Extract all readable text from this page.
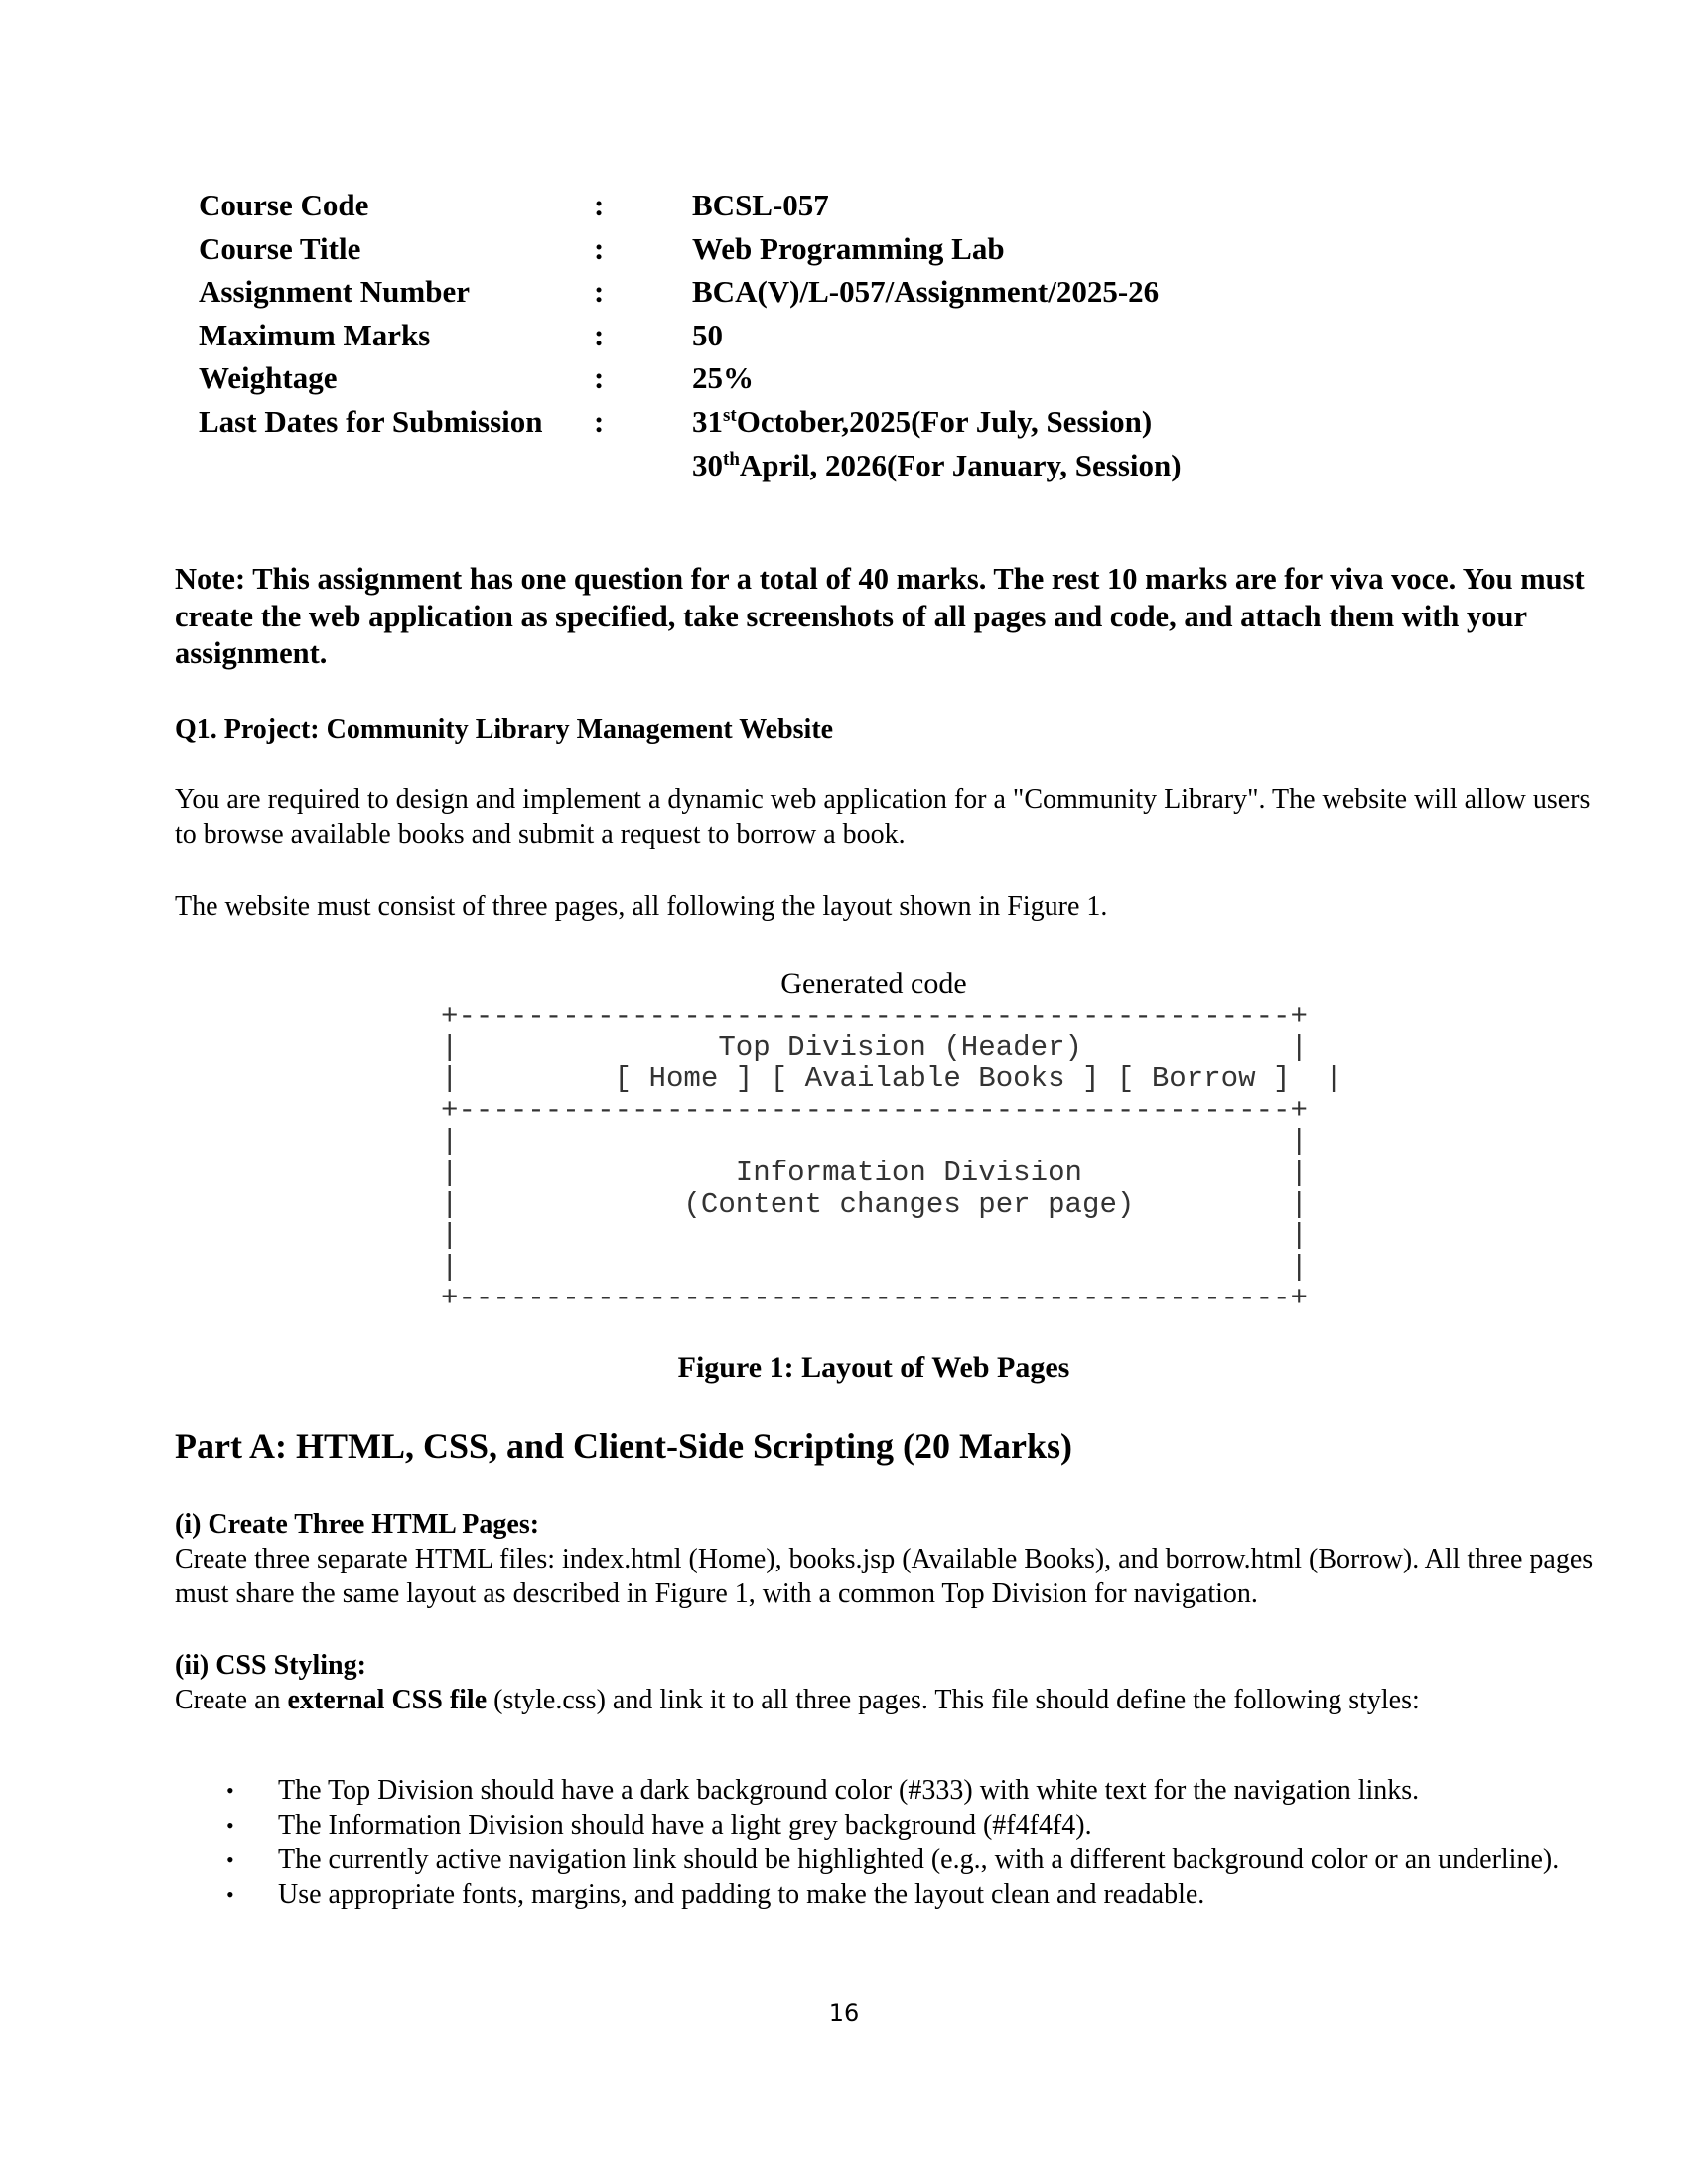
Course Code	:	BCSL-057
Course Title	:	Web Programming Lab
Assignment Number	:	BCA(V)/L-057/Assignment/2025-26
Maximum Marks	:	50
Weightage	:	25%
Last Dates for Submission :	31stOctober,2025(For July, Session)
30thApril, 2026(For January, Session)
Note: This assignment has one question for a total of 40 marks. The rest 10 marks are for viva voce. You must create the web application as specified, take screenshots of all pages and code, and attach them with your assignment.
Q1. Project: Community Library Management Website
You are required to design and implement a dynamic web application for a "Community Library". The website will allow users to browse available books and submit a request to borrow a book.
The website must consist of three pages, all following the layout shown in Figure 1.
Generated code
+------------------------------------------------+
|               Top Division (Header)            |
|         [ Home ] [ Available Books ] [ Borrow ]  |
+------------------------------------------------+
|                                                |
|                Information Division            |
|             (Content changes per page)         |
|                                                |
|                                                |
+------------------------------------------------+
Figure 1: Layout of Web Pages
Part A: HTML, CSS, and Client-Side Scripting (20 Marks)
(i) Create Three HTML Pages:
Create three separate HTML files: index.html (Home), books.jsp (Available Books), and borrow.html (Borrow). All three pages must share the same layout as described in Figure 1, with a common Top Division for navigation.
(ii) CSS Styling:
Create an external CSS file (style.css) and link it to all three pages. This file should define the following styles:
• The Top Division should have a dark background color (#333) with white text for the navigation links.
• The Information Division should have a light grey background (#f4f4f4).
• The currently active navigation link should be highlighted (e.g., with a different background color or an underline).
• Use appropriate fonts, margins, and padding to make the layout clean and readable.
16
